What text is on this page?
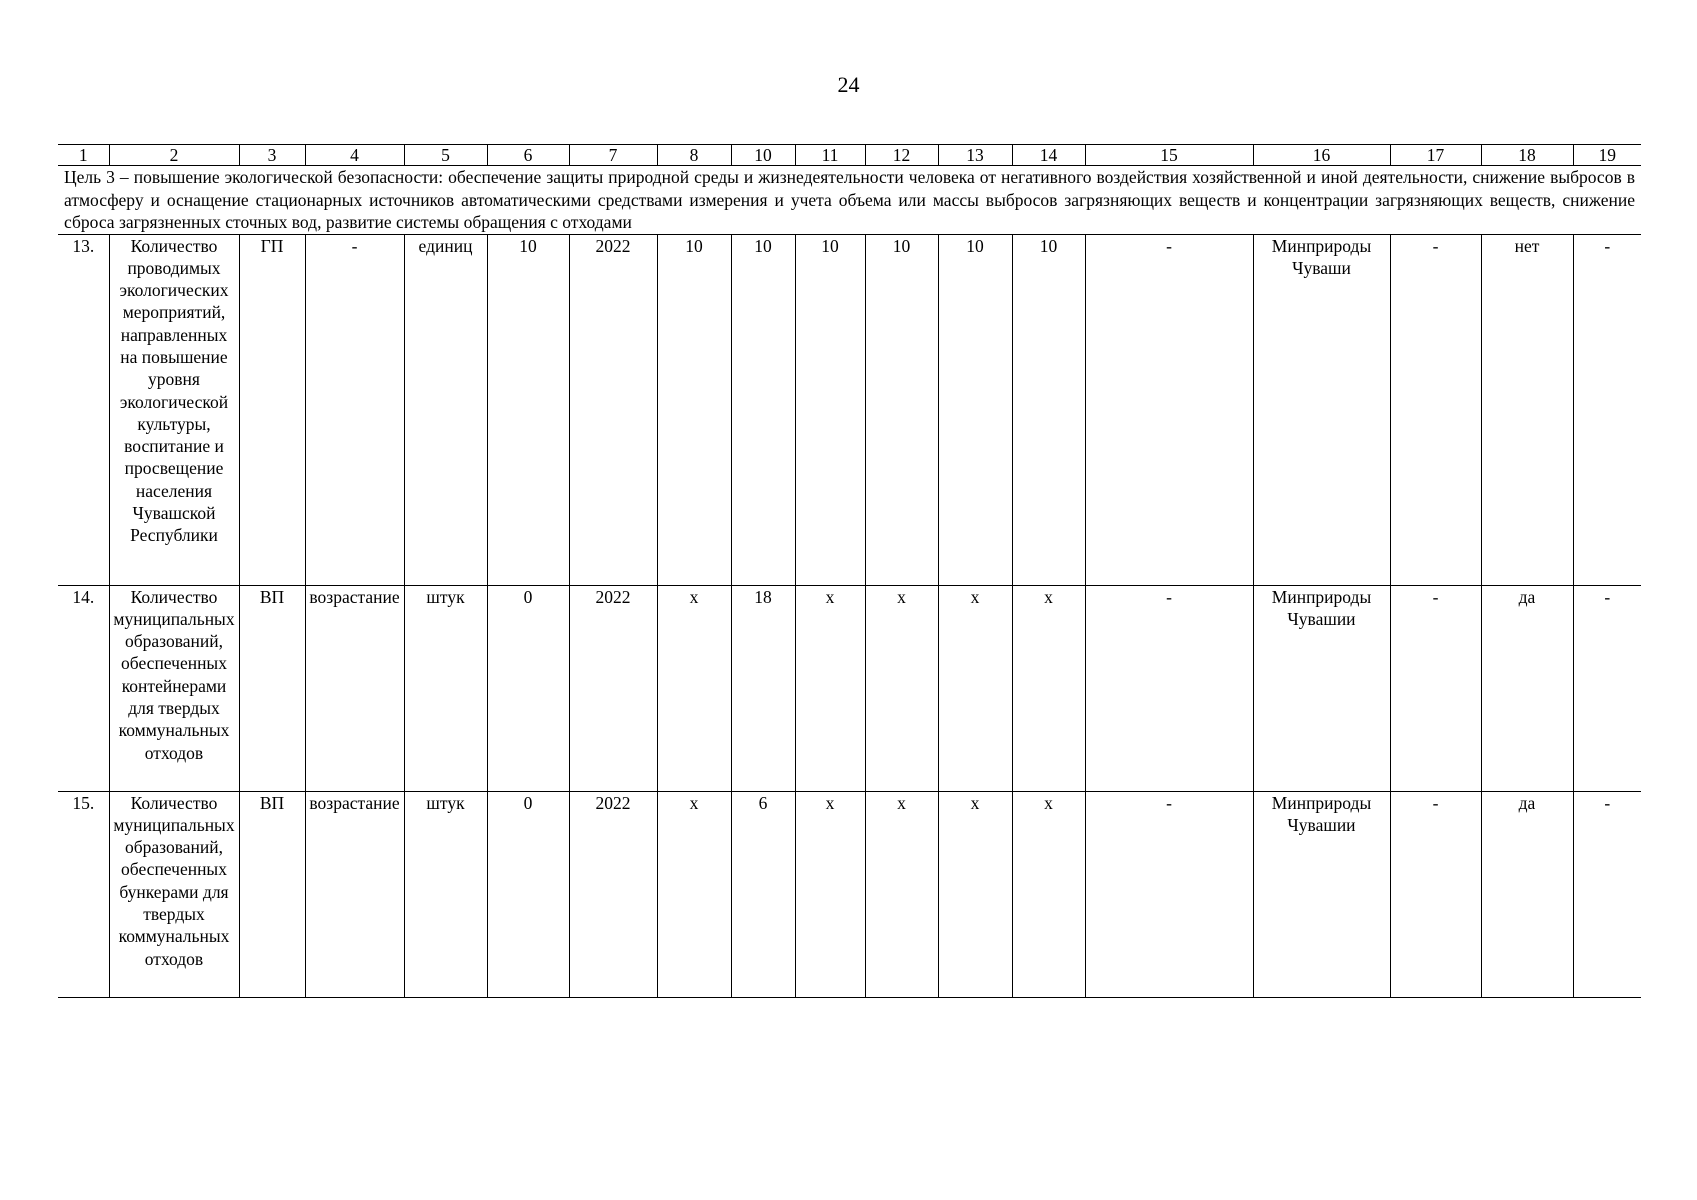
24
1	2	3	4	5	6	7	8	10	11	12	13	14	15	16	17	18	19
Цель 3 – повышение экологической безопасности: обеспечение защиты природной среды и жизнедеятельности человека от негативного воздействия хозяйственной и иной деятельности, снижение выбросов в атмосферу и оснащение стационарных источников автоматическими средствами измерения и учета объема или массы выбросов загрязняющих веществ и концентрации загрязняющих веществ, снижение сброса загрязненных сточных вод, развитие системы обращения с отходами																	
13.	Количество проводимых экологических мероприятий, направленных на повышение уровня экологической культуры, воспитание и просвещение населения Чувашской Республики	ГП	-	единиц	10	2022	10	10	10	10	10	10	-	Минприроды Чуваши	-	нет	-
14.	Количество муниципальных образований, обеспеченных контейнерами для твердых коммунальных отходов	ВП	возрастание	штук	0	2022	x	18	x	x	x	x	-	Минприроды Чувашии	-	да	-
15.	Количество муниципальных образований, обеспеченных бункерами для твердых коммунальных отходов	ВП	возрастание	штук	0	2022	x	6	x	x	x	x	-	Минприроды Чувашии	-	да	-
